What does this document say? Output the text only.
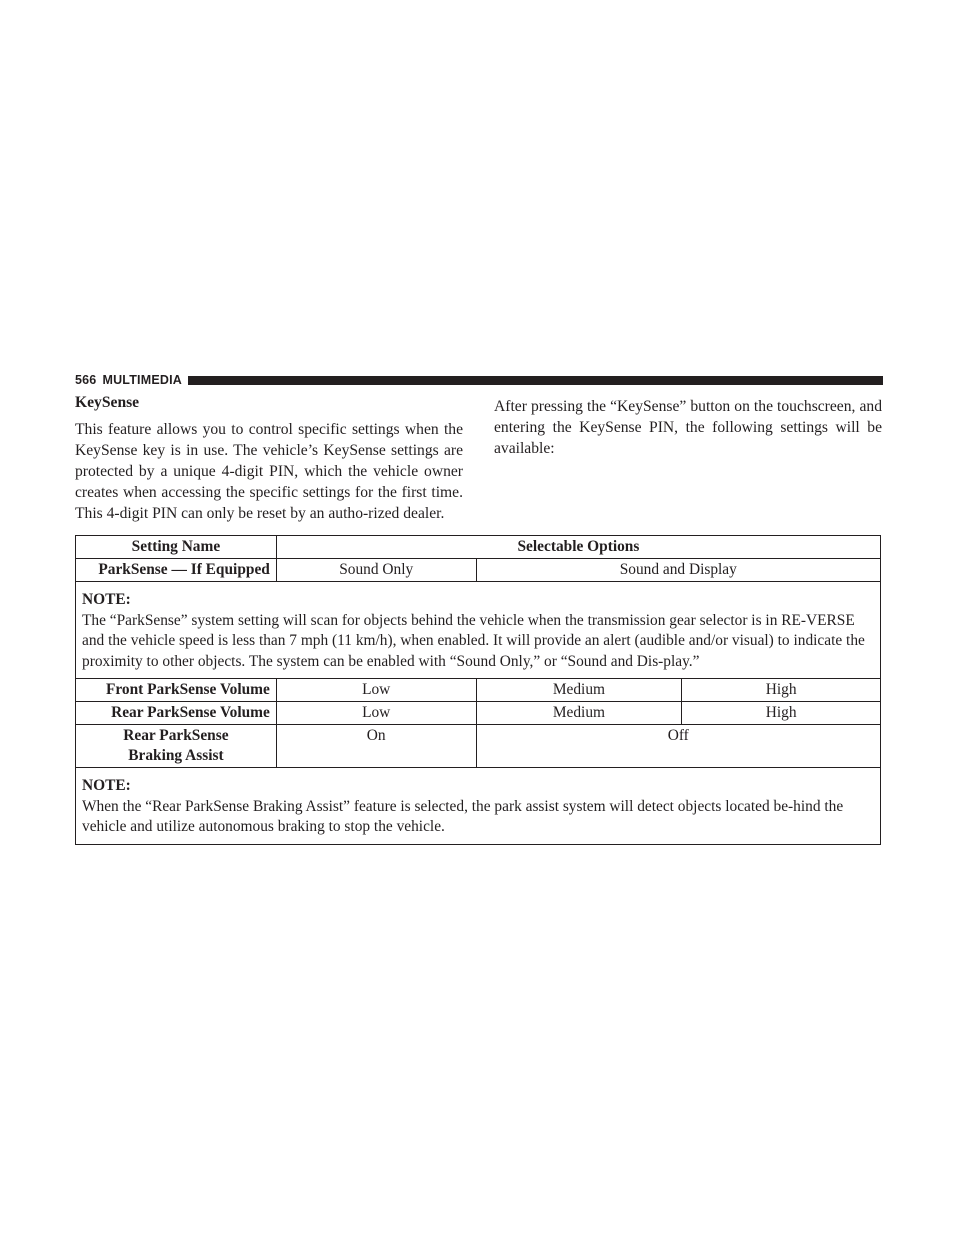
566 MULTIMEDIA

KeySense

This feature allows you to control specific settings when the KeySense key is in use. The vehicle’s KeySense settings are protected by a unique 4-digit PIN, which the vehicle owner creates when accessing the specific settings for the first time. This 4-digit PIN can only be reset by an autho-rized dealer.

After pressing the “KeySense” button on the touchscreen, and entering the KeySense PIN, the following settings will be available:

Setting Name	Selectable Options		
ParkSense — If Equipped	Sound Only	Sound and Display	

NOTE:
The “ParkSense” system setting will scan for objects behind the vehicle when the transmission gear selector is in RE-VERSE and the vehicle speed is less than 7 mph (11 km/h), when enabled. It will provide an alert (audible and/or visual) to indicate the proximity to other objects. The system can be enabled with “Sound Only,” or “Sound and Dis-play.”			
Front ParkSense Volume	Low	Medium	High
Rear ParkSense Volume	Low	Medium	High
Rear ParkSense Braking Assist	On	Off	

NOTE:
When the “Rear ParkSense Braking Assist” feature is selected, the park assist system will detect objects located be-hind the vehicle and utilize autonomous braking to stop the vehicle.			
